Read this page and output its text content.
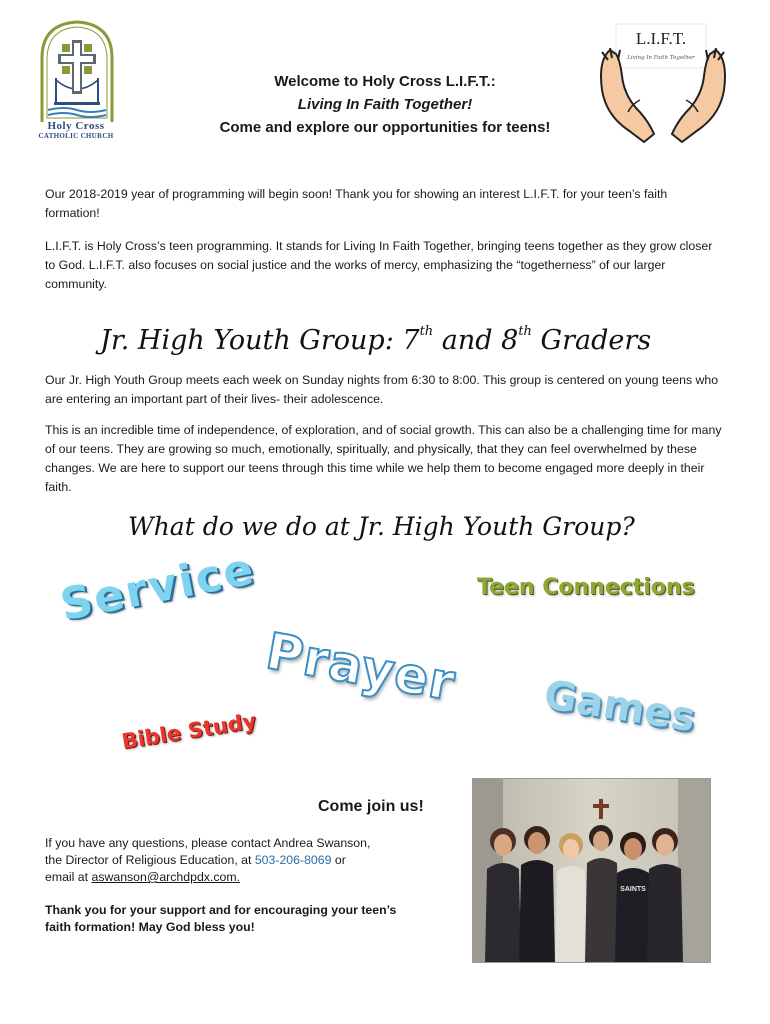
Holy Cross
CATHOLIC CHURCH
Welcome to Holy Cross L.I.F.T.:
Living In Faith Together!
Come and explore our opportunities for teens!
L.I.F.T.
Living In Faith Together

Our 2018-2019 year of programming will begin soon! Thank you for showing an interest L.I.F.T. for your teen’s faith formation!

L.I.F.T. is Holy Cross’s teen programming. It stands for Living In Faith Together, bringing teens together as they grow closer to God. L.I.F.T. also focuses on social justice and the works of mercy, emphasizing the “togetherness” of our larger community.

Jr. High Youth Group: 7th and 8th Graders

Our Jr. High Youth Group meets each week on Sunday nights from 6:30 to 8:00. This group is centered on young teens who are entering an important part of their lives- their adolescence.

This is an incredible time of independence, of exploration, and of social growth. This can also be a challenging time for many of our teens. They are growing so much, emotionally, spiritually, and physically, that they can feel overwhelmed by these changes. We are here to support our teens through this time while we help them to become engaged more deeply in their faith.

What do we do at Jr. High Youth Group?
Service	Teen Connections
Prayer Games
Bible Study
Come join us!
If you have any questions, please contact Andrea Swanson,
the Director of Religious Education, at 503-206-8069 or
email at aswanson@archdpdx.com.
Thank you for your support and for encouraging your teen’s faith formation! May God bless you!
SAINTS
